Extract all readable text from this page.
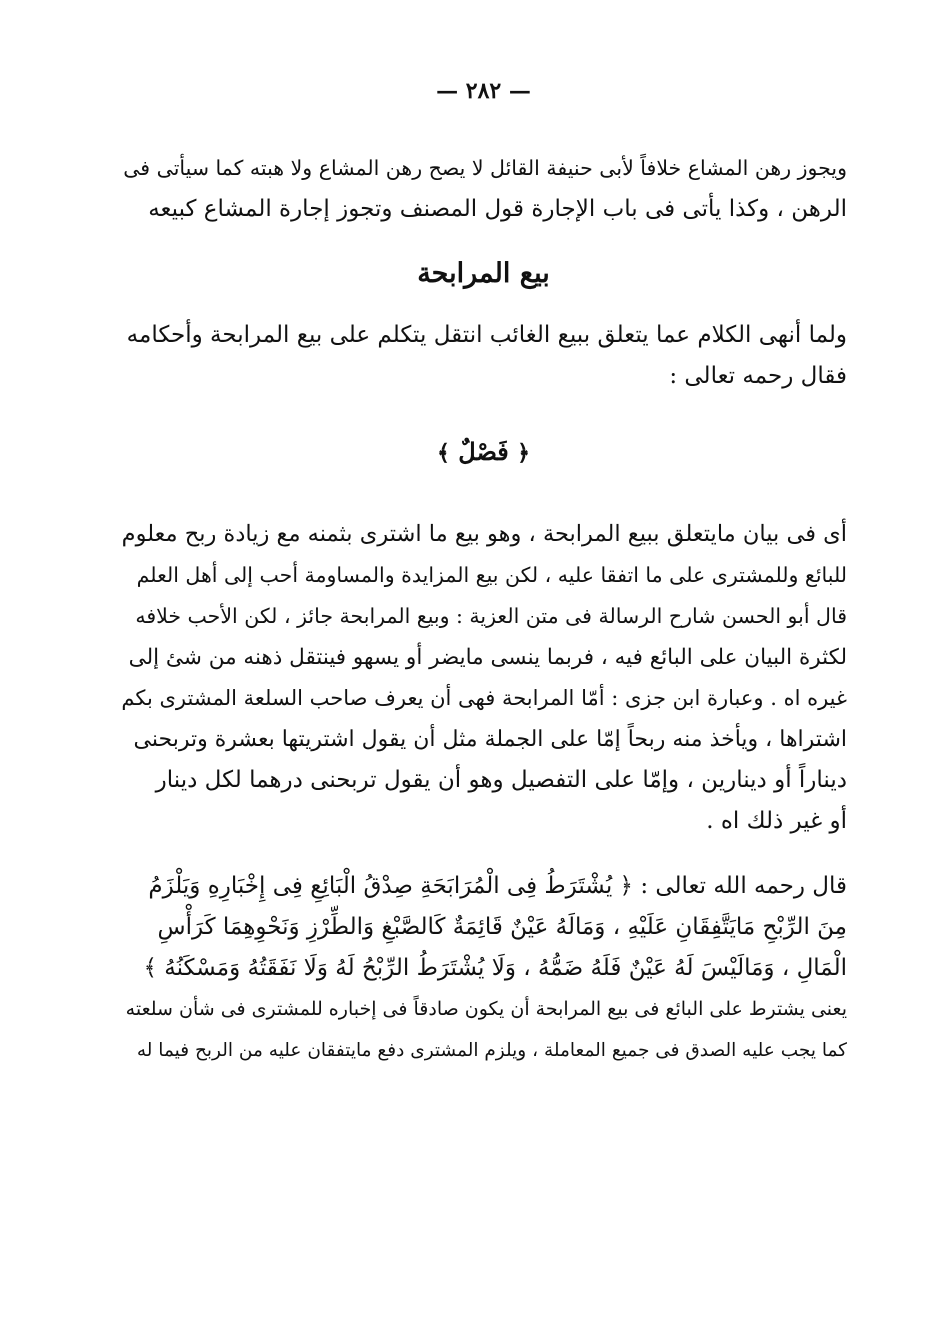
— ٢٨٢ —
ويجوز رهن المشاع خلافاً لأبى حنيفة القائل لا يصح رهن المشاع ولا هبته كما سيأتى فى
الرهن ، وكذا يأتى فى باب الإجارة قول المصنف وتجوز إجارة المشاع كبيعه
بيع المرابحة
ولما أنهى الكلام عما يتعلق ببيع الغائب انتقل يتكلم على بيع المرابحة وأحكامه
فقال رحمه تعالى :
﴿ فَصْلٌ ﴾
أى فى بيان مايتعلق ببيع المرابحة ، وهو بيع ما اشترى بثمنه مع زيادة ربح معلوم
للبائع وللمشترى على ما اتفقا عليه ، لكن بيع المزايدة والمساومة أحب إلى أهل العلم
قال أبو الحسن شارح الرسالة فى متن العزية : وبيع المرابحة جائز ، لكن الأحب خلافه
لكثرة البيان على البائع فيه ، فربما ينسى مايضر أو يسهو فينتقل ذهنه من شئ إلى
غيره اه . وعبارة ابن جزى : أمّا المرابحة فهى أن يعرف صاحب السلعة المشترى بكم
اشتراها ، ويأخذ منه ربحاً إمّا على الجملة مثل أن يقول اشتريتها بعشرة وتربحنى
ديناراً أو دينارين ، وإمّا على التفصيل وهو أن يقول تربحنى درهما لكل دينار
أو غير ذلك اه .
قال رحمه الله تعالى : ﴿ يُشْتَرَطُ فِى الْمُرَابَحَةِ صِدْقُ الْبَائِعِ فِى إِخْبَارِهِ وَيَلْزَمُ
مِنَ الرِّبْحِ مَايَتَّفِقَانِ عَلَيْهِ ، وَمَالَهُ عَيْنٌ قَائِمَةٌ كَالصَّبْغِ وَالطِّرْزِ وَنَحْوِهِمَا كَرَأْسِ
الْمَالِ ، وَمَالَيْسَ لَهُ عَيْنٌ فَلَهُ ضَمُّهُ ، وَلَا يُشْتَرَطُ الرِّبْحُ لَهُ وَلَا نَفَقَتُهُ وَمَسْكَنُهُ ﴾
يعنى يشترط على البائع فى بيع المرابحة أن يكون صادقاً فى إخباره للمشترى فى شأن سلعته
كما يجب عليه الصدق فى جميع المعاملة ، ويلزم المشترى دفع مايتفقان عليه من الربح فيما له
